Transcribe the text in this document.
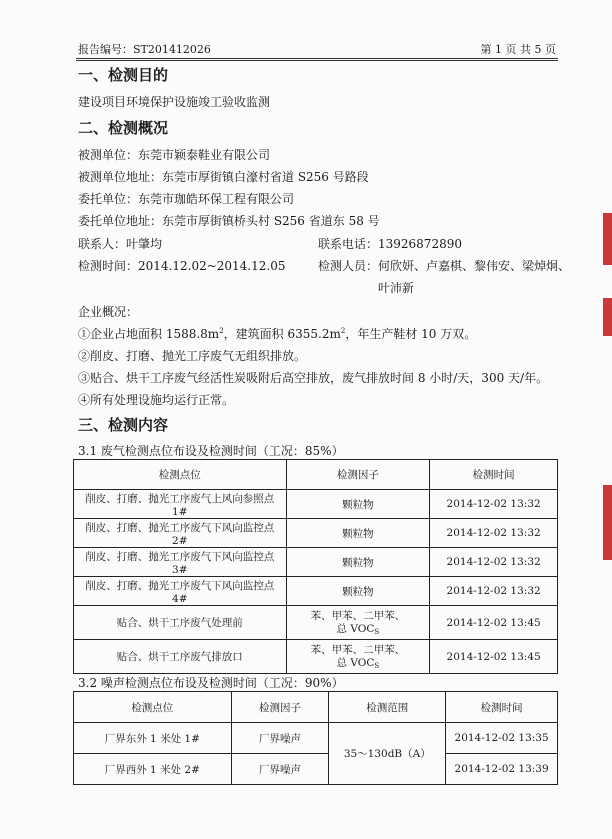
报告编号：ST201412026	第 1 页 共 5 页
一、检测目的
建设项目环境保护设施竣工验收监测
二、检测概况
被测单位：东莞市颖泰鞋业有限公司
被测单位地址：东莞市厚街镇白濠村省道 S256 号路段
委托单位：东莞市珈皓环保工程有限公司
委托单位地址：东莞市厚街镇桥头村 S256 省道东 58 号
联系人：叶肇均	联系电话：13926872890
检测时间：2014.12.02~2014.12.05	检测人员：何欣妍、卢嘉棋、黎伟安、梁焯炯、
叶沛新
企业概况：
①企业占地面积 $1588.8m^2$，建筑面积 $6355.2m^2$，年生产鞋材 10 万双。
②削皮、打磨、抛光工序废气无组织排放。
③贴合、烘干工序废气经活性炭吸附后高空排放，废气排放时间 8 小时/天，300 天/年。
④所有处理设施均运行正常。
三、检测内容
3.1 废气检测点位布设及检测时间（工况：85%）
检测点位	检测因子	检测时间
削皮、打磨、抛光工序废气上风向参照点 1#	颗粒物	2014-12-02 13:32
削皮、打磨、抛光工序废气下风向监控点 2#	颗粒物	2014-12-02 13:32
削皮、打磨、抛光工序废气下风向监控点 3#	颗粒物	2014-12-02 13:32
削皮、打磨、抛光工序废气下风向监控点 4#	颗粒物	2014-12-02 13:32
贴合、烘干工序废气处理前	苯、甲苯、二甲苯、
总 $VOC_S$	2014-12-02 13:45
贴合、烘干工序废气排放口	苯、甲苯、二甲苯、
总 $VOC_S$	2014-12-02 13:45
3.2 噪声检测点位布设及检测时间（工况：90%）
检测点位	检测因子	检测范围	检测时间
厂界东外 1 米处 1#	厂界噪声	35～130dB（A）	2014-12-02 13:35
厂界西外 1 米处 2#	厂界噪声		2014-12-02 13:39
